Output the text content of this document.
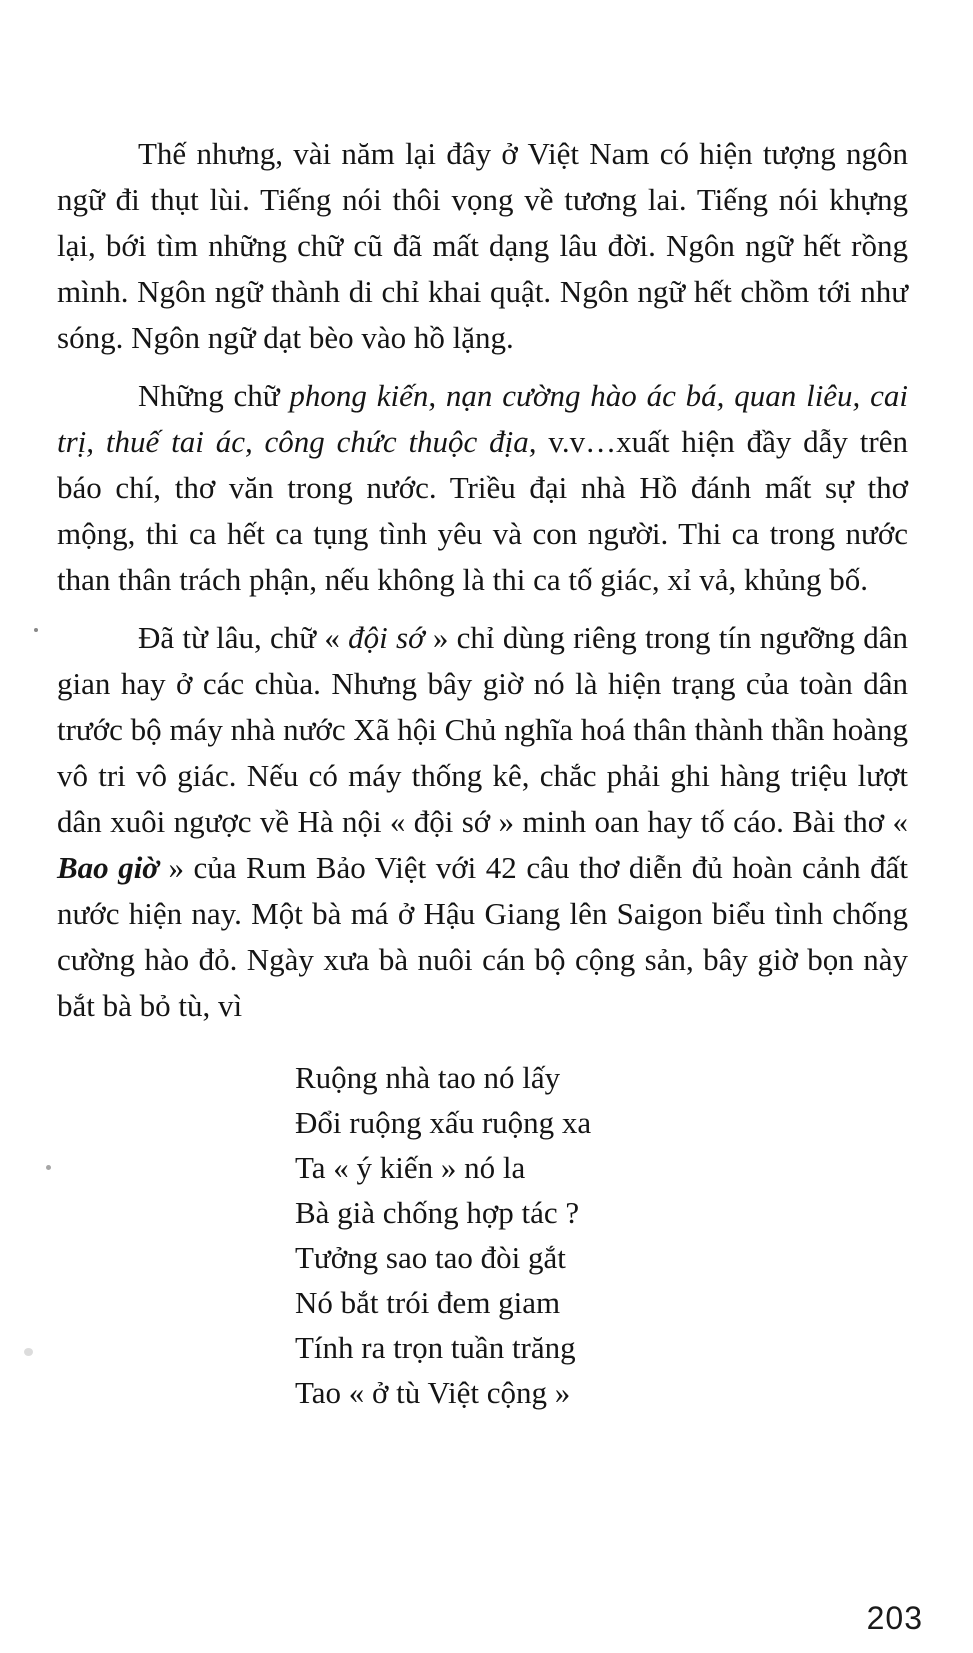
Thế nhưng, vài năm lại đây ở Việt Nam có hiện tượng ngôn ngữ đi thụt lùi. Tiếng nói thôi vọng về tương lai. Tiếng nói khựng lại, bới tìm những chữ cũ đã mất dạng lâu đời. Ngôn ngữ hết rồng mình. Ngôn ngữ thành di chỉ khai quật. Ngôn ngữ hết chồm tới như sóng. Ngôn ngữ dạt bèo vào hồ lặng.

Những chữ phong kiến, nạn cường hào ác bá, quan liêu, cai trị, thuế tai ác, công chức thuộc địa, v.v…xuất hiện đầy dẫy trên báo chí, thơ văn trong nước. Triều đại nhà Hồ đánh mất sự thơ mộng, thi ca hết ca tụng tình yêu và con người. Thi ca trong nước than thân trách phận, nếu không là thi ca tố giác, xỉ vả, khủng bố.

Đã từ lâu, chữ « đội sớ » chỉ dùng riêng trong tín ngưỡng dân gian hay ở các chùa. Nhưng bây giờ nó là hiện trạng của toàn dân trước bộ máy nhà nước Xã hội Chủ nghĩa hoá thân thành thần hoàng vô tri vô giác. Nếu có máy thống kê, chắc phải ghi hàng triệu lượt dân xuôi ngược về Hà nội « đội sớ » minh oan hay tố cáo. Bài thơ « Bao giờ » của Rum Bảo Việt với 42 câu thơ diễn đủ hoàn cảnh đất nước hiện nay. Một bà má ở Hậu Giang lên Saigon biểu tình chống cường hào đỏ. Ngày xưa bà nuôi cán bộ cộng sản, bây giờ bọn này bắt bà bỏ tù, vì

Ruộng nhà tao nó lấy
Đổi ruộng xấu ruộng xa
Ta « ý kiến » nó la
Bà già chống hợp tác ?
Tưởng sao tao đòi gắt
Nó bắt trói đem giam
Tính ra trọn tuần trăng
Tao « ở tù Việt cộng »
203
